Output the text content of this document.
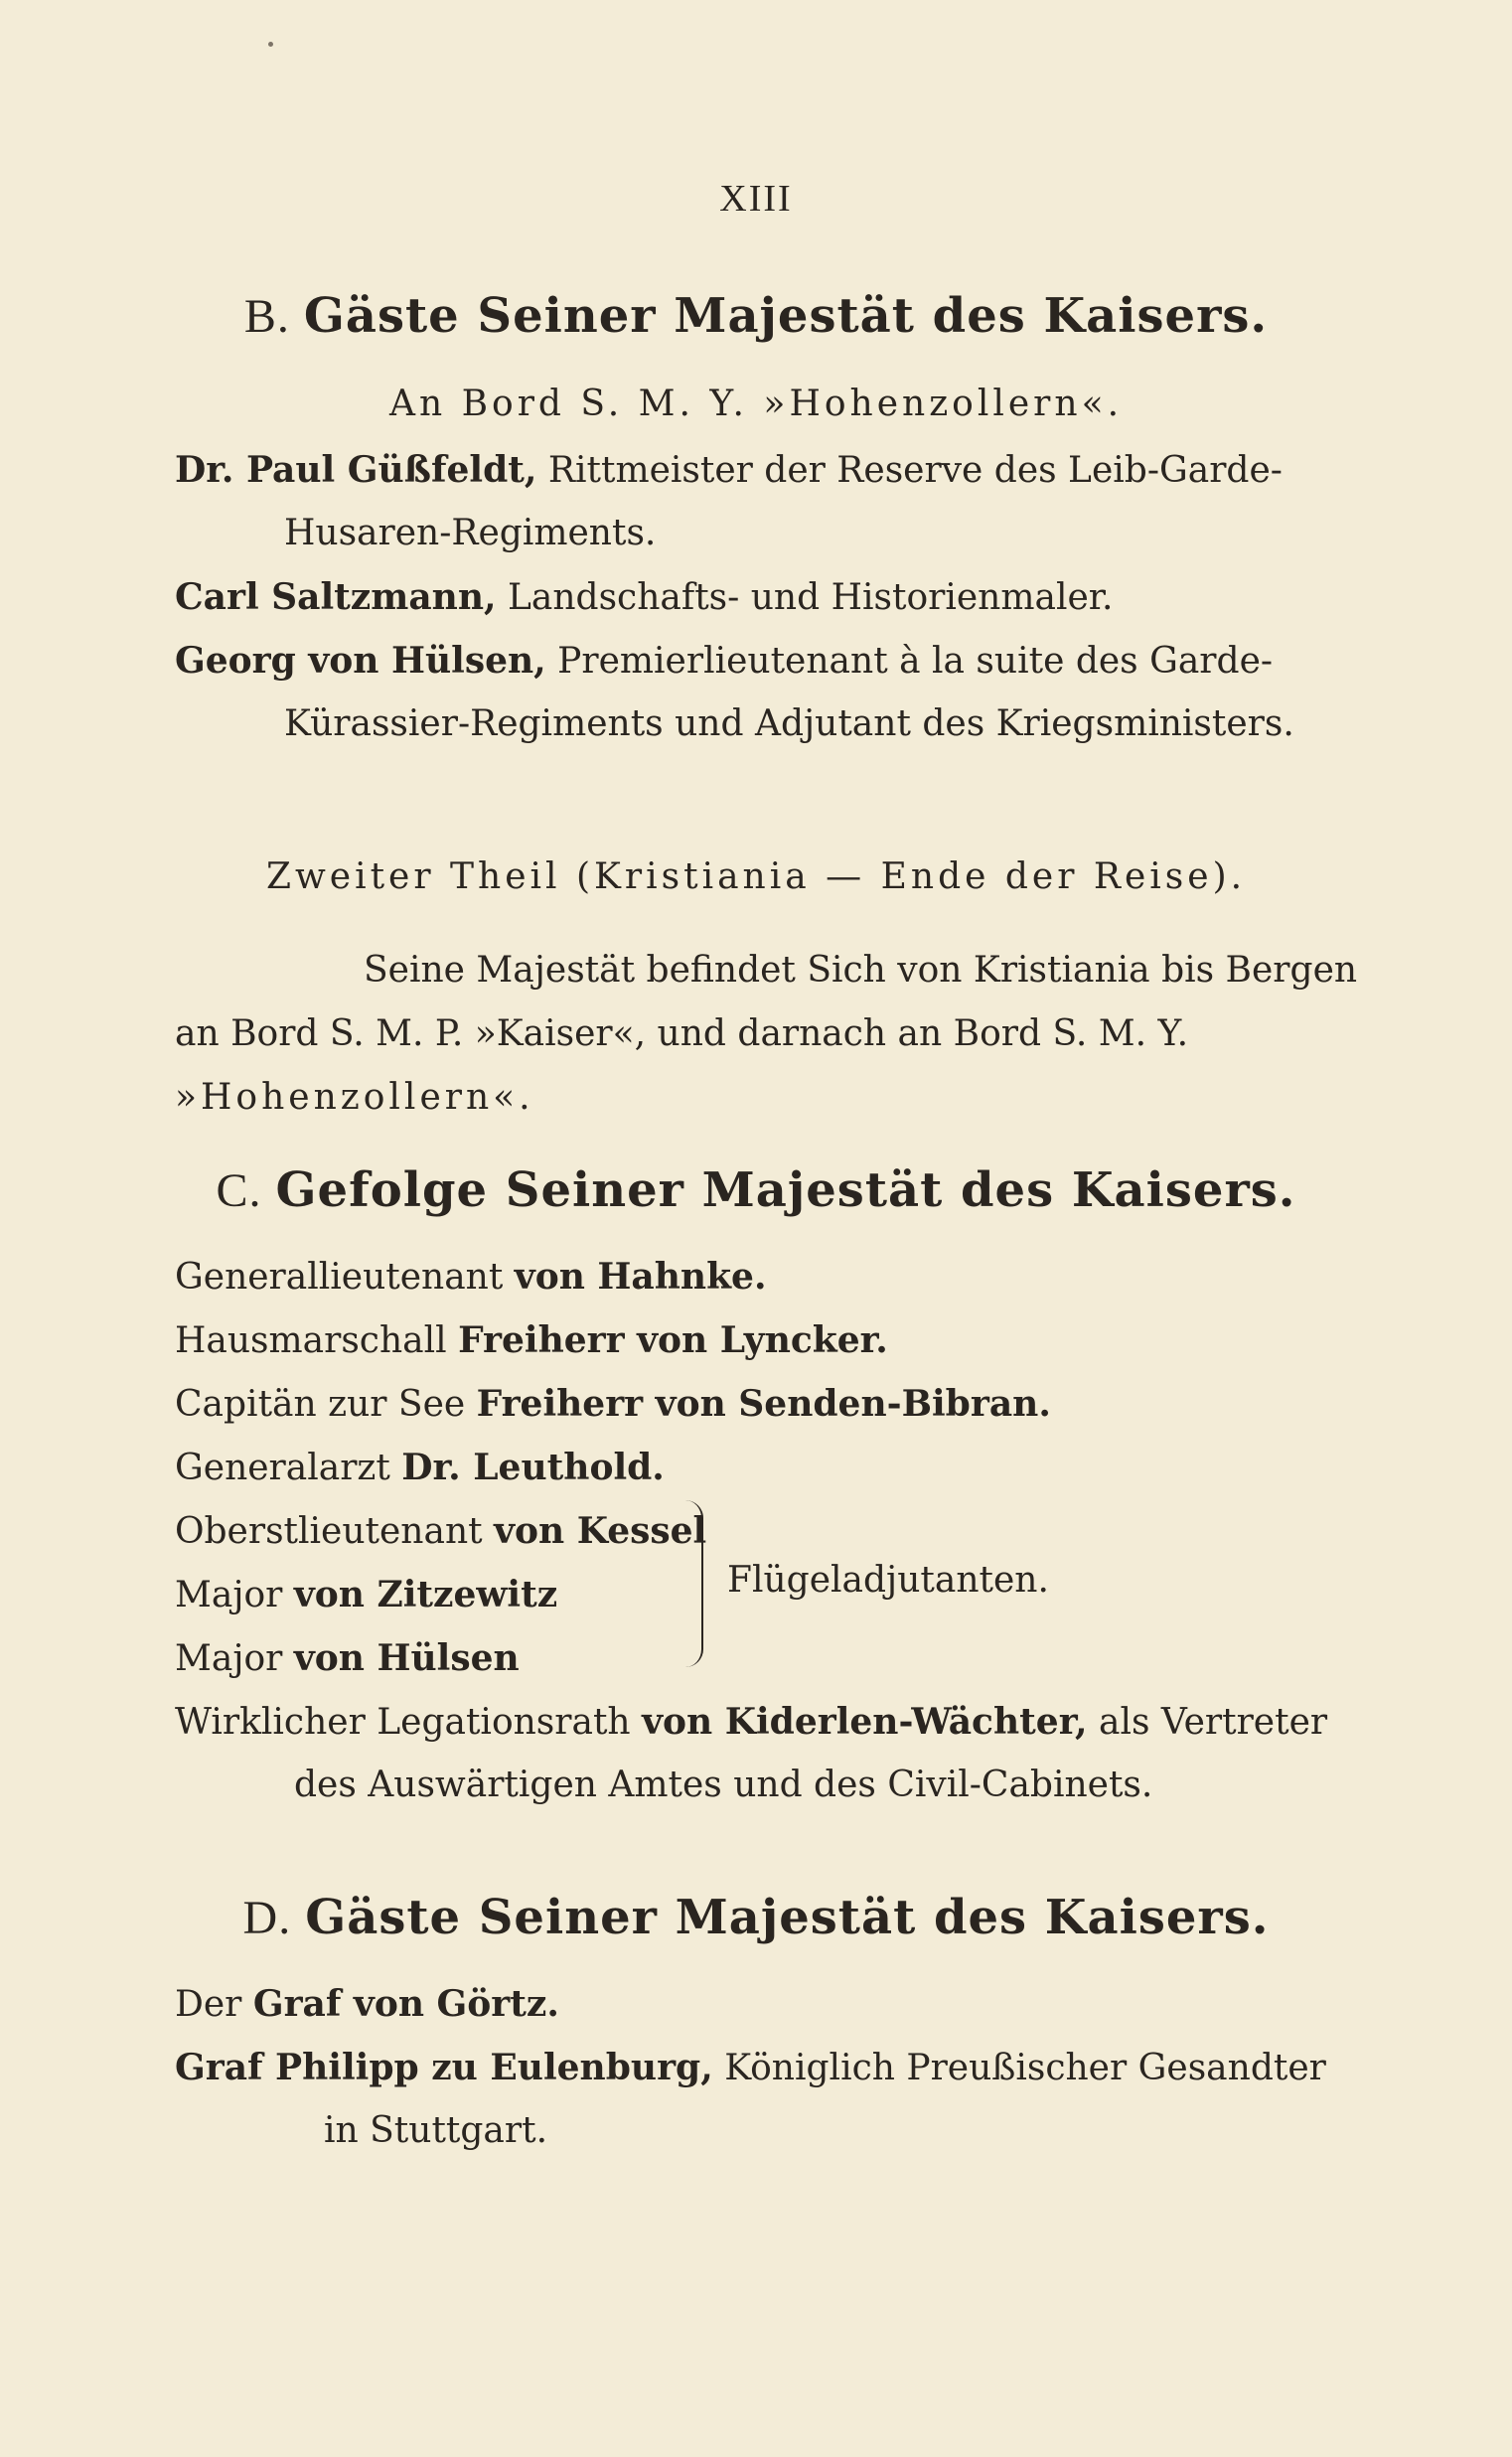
XIII
B. Gäste Seiner Majestät des Kaisers.
An Bord S. M. Y. »Hohenzollern«.
Dr. Paul Güßfeldt, Rittmeister der Reserve des Leib-Garde-
Husaren-Regiments.
Carl Saltzmann, Landschafts- und Historienmaler.
Georg von Hülsen, Premierlieutenant à la suite des Garde-
Kürassier-Regiments und Adjutant des Kriegsministers.
Zweiter Theil (Kristiania — Ende der Reise).
Seine Majestät befindet Sich von Kristiania bis Bergen
an Bord S. M. P. »Kaiser«, und darnach an Bord S. M. Y.
»Hohenzollern«.
C. Gefolge Seiner Majestät des Kaisers.
Generallieutenant von Hahnke.
Hausmarschall Freiherr von Lyncker.
Capitän zur See Freiherr von Senden-Bibran.
Generalarzt Dr. Leuthold.
Oberstlieutenant von Kessel
Major von Zitzewitz
Major von Hülsen
Flügeladjutanten.
Wirklicher Legationsrath von Kiderlen-Wächter, als Vertreter
des Auswärtigen Amtes und des Civil-Cabinets.
D. Gäste Seiner Majestät des Kaisers.
Der Graf von Görtz.
Graf Philipp zu Eulenburg, Königlich Preußischer Gesandter
in Stuttgart.
